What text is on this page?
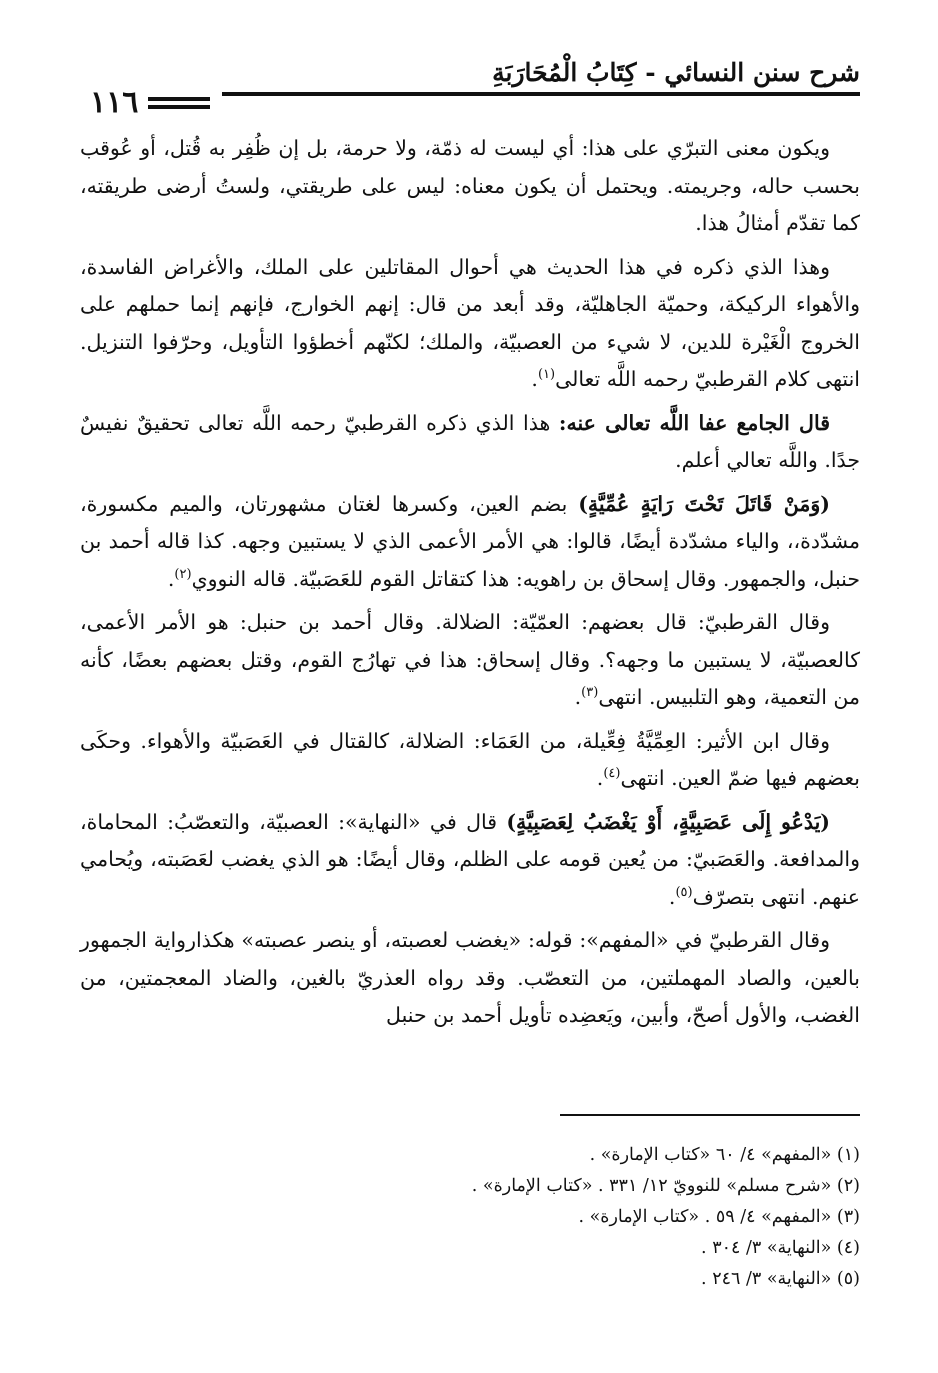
شرح سنن النسائي - كِتَابُ الْمُحَارَبَةِ
١١٦

ويكون معنى التبرّي على هذا: أي ليست له ذمّة، ولا حرمة، بل إن ظُفِر به قُتل، أو عُوقب بحسب حاله، وجريمته. ويحتمل أن يكون معناه: ليس على طريقتي، ولستُ أرضى طريقته، كما تقدّم أمثالُ هذا.

وهذا الذي ذكره في هذا الحديث هي أحوال المقاتلين على الملك، والأغراض الفاسدة، والأهواء الركيكة، وحميّة الجاهليّة، وقد أبعد من قال: إنهم الخوارج، فإنهم إنما حملهم على الخروج الْغَيْرة للدين، لا شيء من العصبيّة، والملك؛ لكنّهم أخطؤوا التأويل، وحرّفوا التنزيل. انتهى كلام القرطبيّ رحمه اللَّه تعالى$^{(١)}$.

قال الجامع عفا اللَّه تعالى عنه: هذا الذي ذكره القرطبيّ رحمه اللَّه تعالى تحقيقٌ نفيسٌ جدًا. واللَّه تعالي أعلم.

(وَمَنْ قَاتَلَ تَحْتَ رَايَةٍ عُمِّيَّةٍ) بضم العين، وكسرها لغتان مشهورتان، والميم مكسورة، مشدّدة،، والياء مشدّدة أيضًا، قالوا: هي الأمر الأعمى الذي لا يستبين وجهه. كذا قاله أحمد بن حنبل، والجمهور. وقال إسحاق بن راهويه: هذا كتقاتل القوم للعَصَبيّة. قاله النووي$^{(٢)}$.

وقال القرطبيّ: قال بعضهم: العمّيّة: الضلالة. وقال أحمد بن حنبل: هو الأمر الأعمى، كالعصبيّة، لا يستبين ما وجهه؟. وقال إسحاق: هذا في تهارُج القوم، وقتل بعضهم بعضًا، كأنه من التعمية، وهو التلبيس. انتهى$^{(٣)}$.

وقال ابن الأثير: العِمِّيَّةُ فِعِّيلة، من العَمَاء: الضلالة، كالقتال في العَصَبيّة والأهواء. وحكَى بعضهم فيها ضمّ العين. انتهى$^{(٤)}$.

(يَدْعُو إِلَى عَصَبِيَّةٍ، أَوْ يَغْضَبُ لِعَصَبِيَّةٍ) قال في «النهاية»: العصبيّة، والتعصّبُ: المحاماة، والمدافعة. والعَصَبيّ: من يُعين قومه على الظلم، وقال أيضًا: هو الذي يغضب لعَصَبته، ويُحامي عنهم. انتهى بتصرّف$^{(٥)}$.

وقال القرطبيّ في «المفهم»: قوله: «يغضب لعصبته، أو ينصر عصبته» هكذارواية الجمهور بالعين، والصاد المهملتين، من التعصّب. وقد رواه العذريّ بالغين، والضاد المعجمتين، من الغضب، والأول أصحّ، وأبين، ويَعضِده تأويل أحمد بن حنبل

(١) «المفهم» ٤/ ٦٠ «كتاب الإمارة» .
(٢) «شرح مسلم» للنوويّ ١٢/ ٣٣١ . «كتاب الإمارة» .
(٣) «المفهم» ٤/ ٥٩ . «كتاب الإمارة» .
(٤) «النهاية» ٣/ ٣٠٤ .
(٥) «النهاية» ٣/ ٢٤٦ .
